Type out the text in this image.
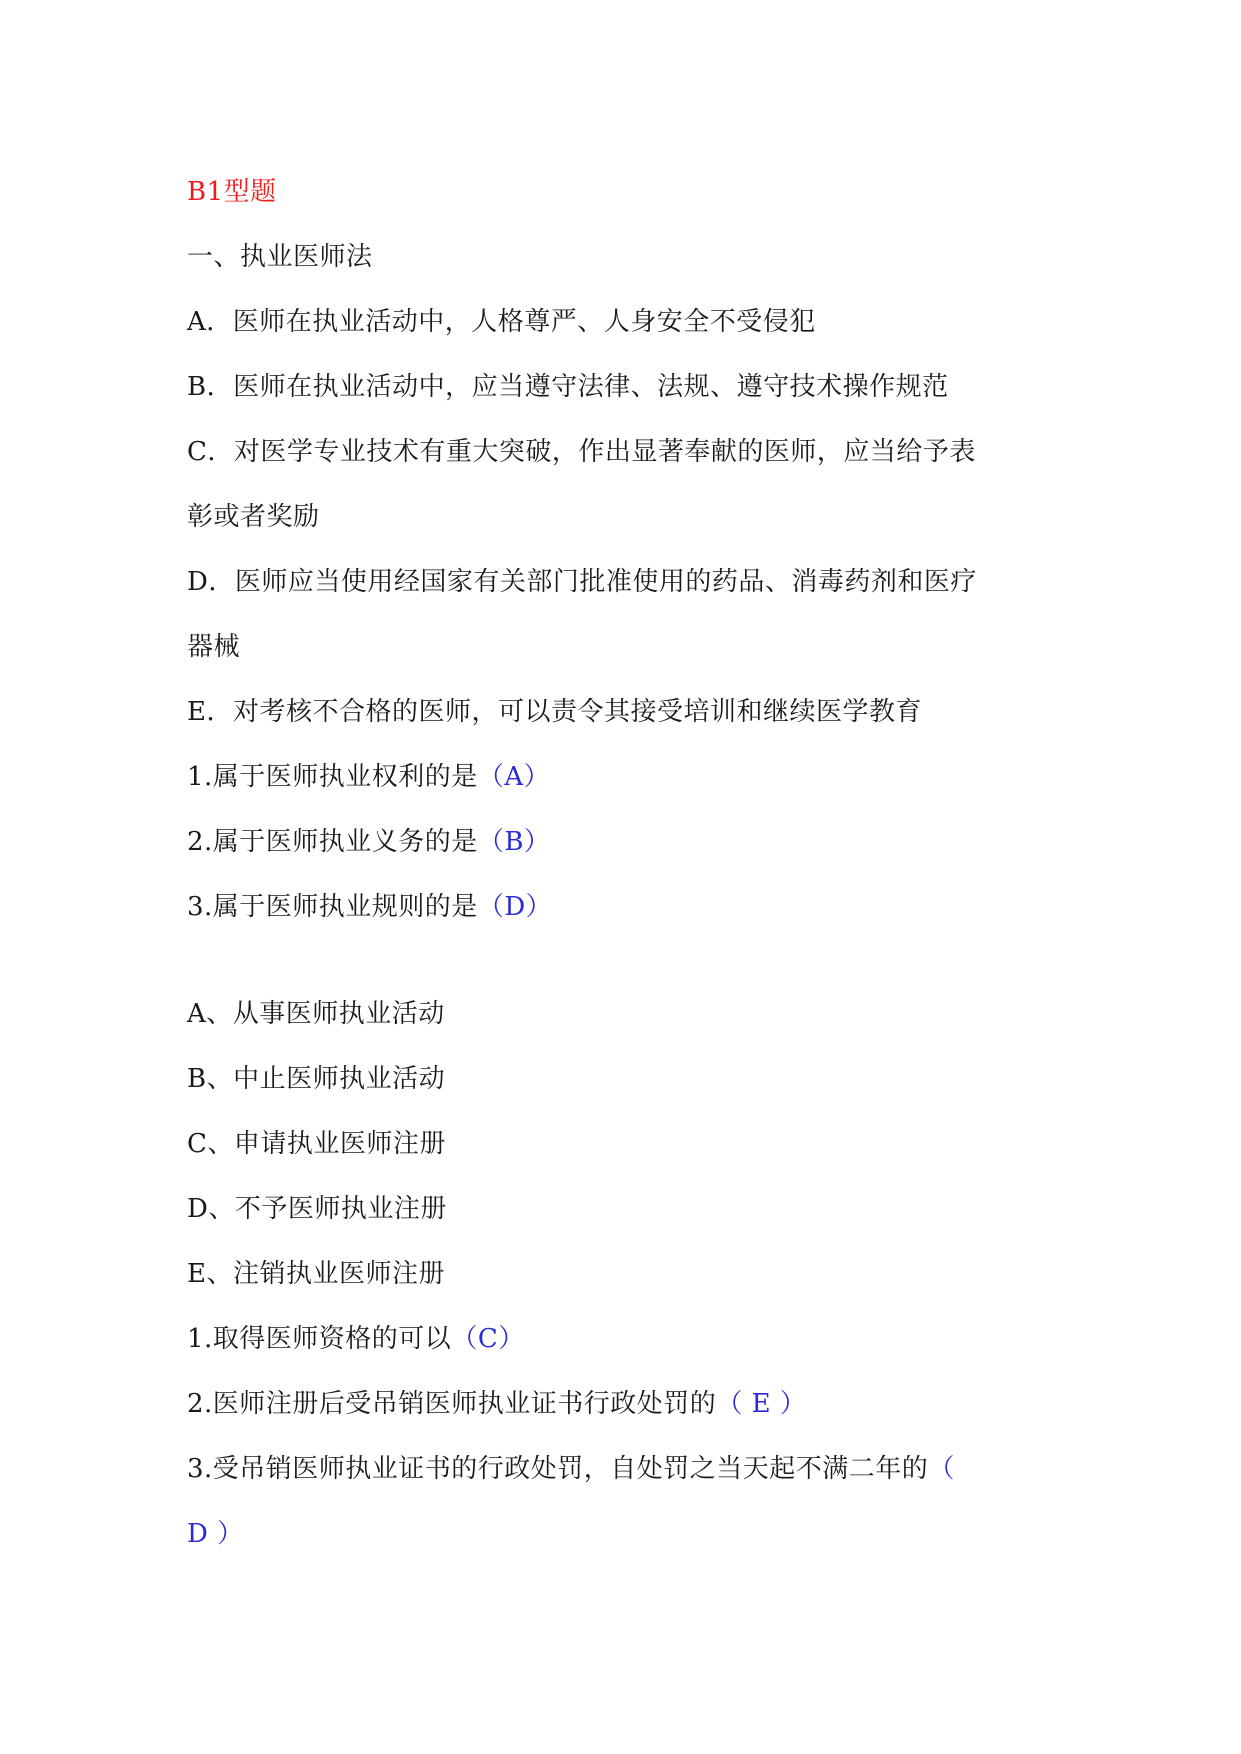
B1型题
一、执业医师法
A．医师在执业活动中，人格尊严、人身安全不受侵犯
B．医师在执业活动中，应当遵守法律、法规、遵守技术操作规范
C．对医学专业技术有重大突破，作出显著奉献的医师，应当给予表
彰或者奖励
D．医师应当使用经国家有关部门批准使用的药品、消毒药剂和医疗
器械
E．对考核不合格的医师，可以责令其接受培训和继续医学教育
1.属于医师执业权利的是（A）
2.属于医师执业义务的是（B）
3.属于医师执业规则的是（D）
A、从事医师执业活动
B、中止医师执业活动
C、申请执业医师注册
D、不予医师执业注册
E、注销执业医师注册
1.取得医师资格的可以（C）
2.医师注册后受吊销医师执业证书行政处罚的（ E ）
3.受吊销医师执业证书的行政处罚，自处罚之当天起不满二年的（
D ）
